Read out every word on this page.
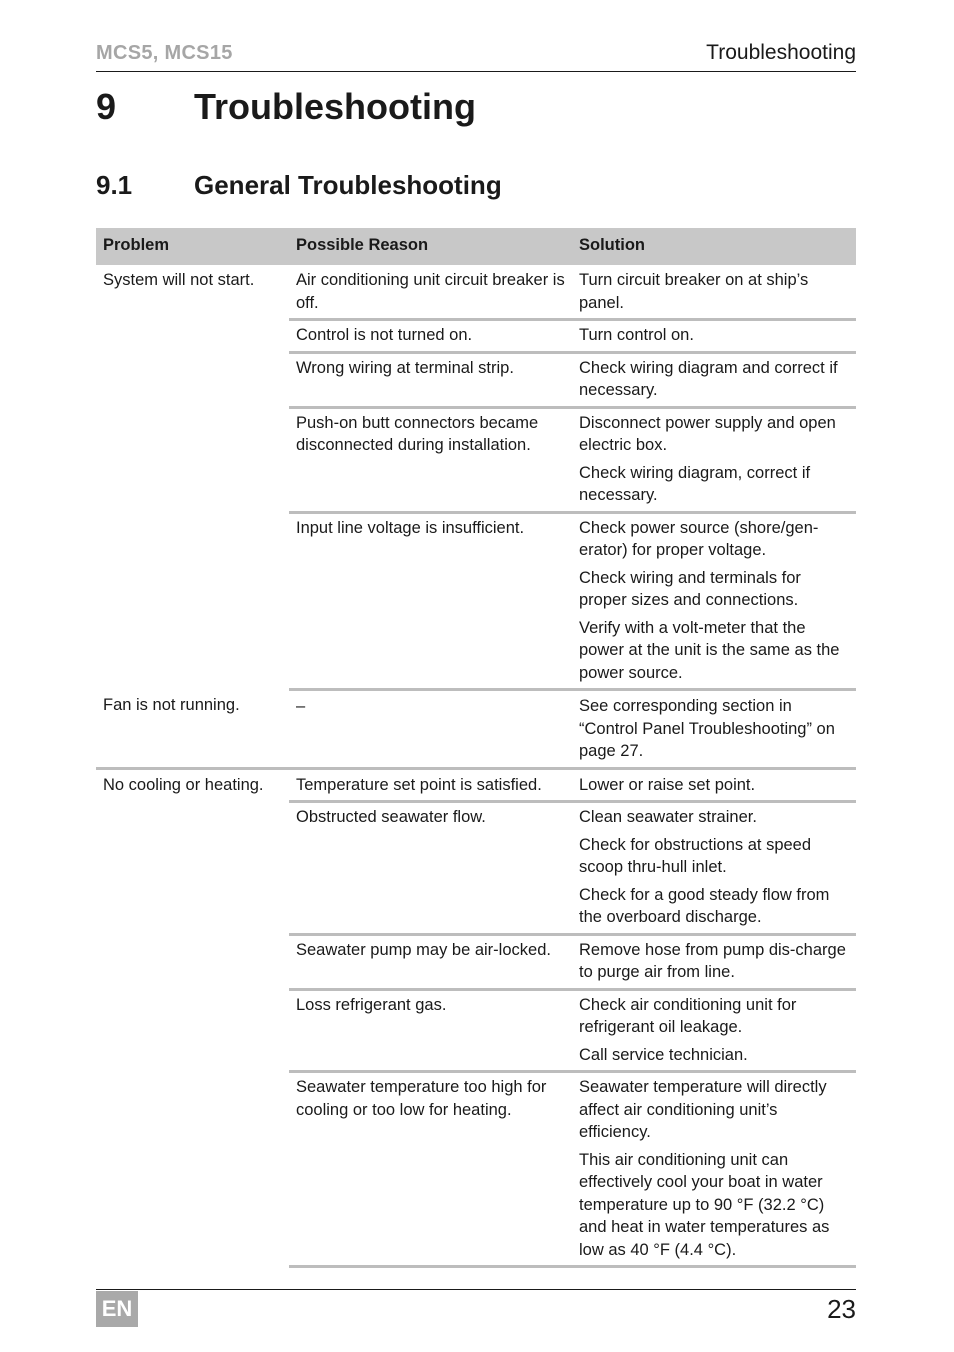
MCS5, MCS15	Troubleshooting
9 Troubleshooting
9.1 General Troubleshooting
Problem	Possible Reason	Solution
System will not start.	Air conditioning unit circuit breaker is off.	Turn circuit breaker on at ship’s panel.

	Control is not turned on.	Turn control on.

	Wrong wiring at terminal strip.	Check wiring diagram and correct if necessary.

	Push-on butt connectors became disconnected during installation.	Disconnect power supply and open electric box.
Check wiring diagram, correct if necessary.

	Input line voltage is insufficient.	Check power source (shore/gen-erator) for proper voltage.
Check wiring and terminals for proper sizes and connections.
Verify with a volt-meter that the power at the unit is the same as the power source.

Fan is not running.	–	See corresponding section in “Control Panel Troubleshooting” on page 27.

No cooling or heating.	Temperature set point is satisfied.	Lower or raise set point.

	Obstructed seawater flow.	Clean seawater strainer.
Check for obstructions at speed scoop thru-hull inlet.
Check for a good steady flow from the overboard discharge.

	Seawater pump may be air-locked.	Remove hose from pump dis-charge to purge air from line.

	Loss refrigerant gas.	Check air conditioning unit for refrigerant oil leakage.
Call service technician.

	Seawater temperature too high for cooling or too low for heating.	Seawater temperature will directly affect air conditioning unit’s efficiency.
This air conditioning unit can effectively cool your boat in water temperature up to 90 °F (32.2 °C) and heat in water temperatures as low as 40 °F (4.4 °C).
EN	23
